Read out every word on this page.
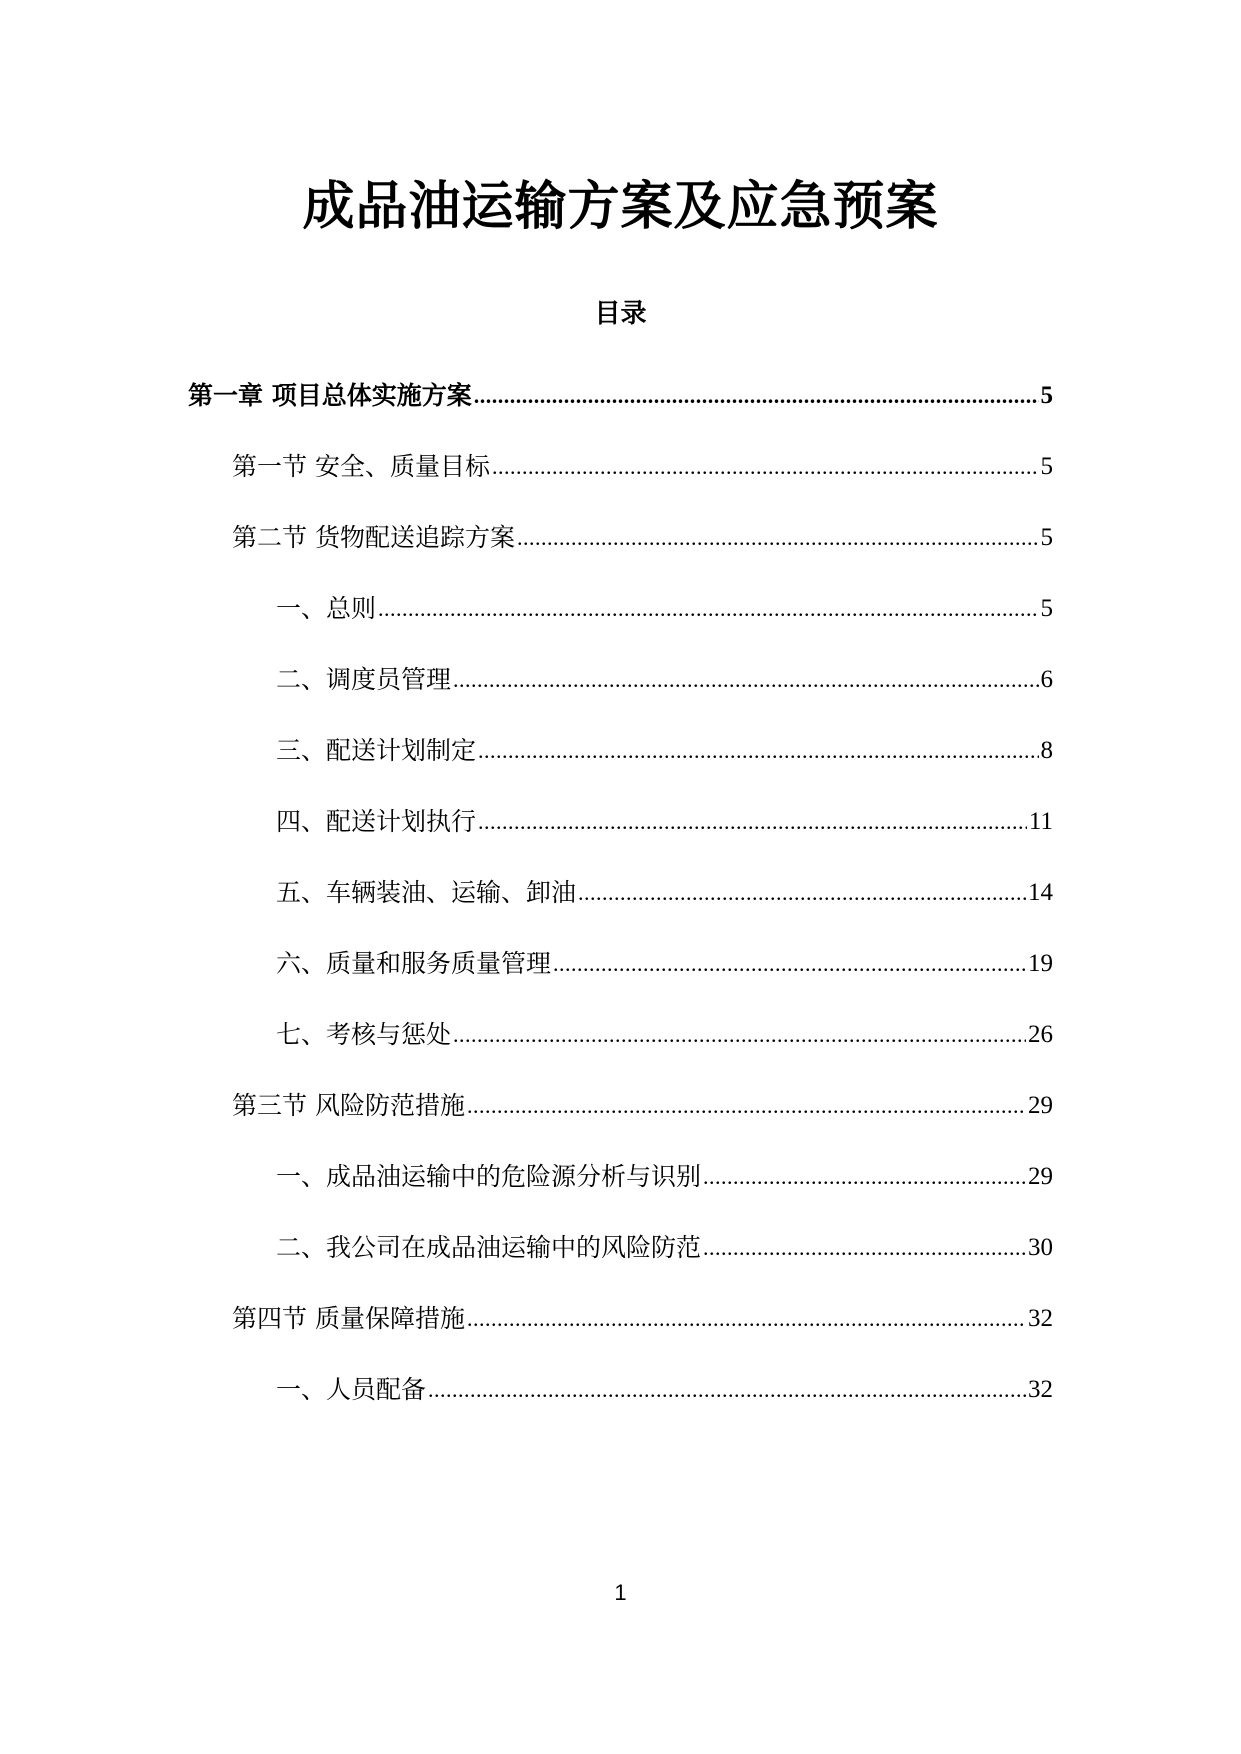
成品油运输方案及应急预案
目录
第一章 项目总体实施方案 .....	5
第一节 安全、质量目标 .....	5
第二节 货物配送追踪方案 .....	5
一、总则 .....	5
二、调度员管理 .....	6
三、配送计划制定 .....	8
四、配送计划执行 .....	11
五、车辆装油、运输、卸油 .....	14
六、质量和服务质量管理 .....	19
七、考核与惩处 .....	26
第三节 风险防范措施 .....	29
一、成品油运输中的危险源分析与识别 .....	29
二、我公司在成品油运输中的风险防范 .....	30
第四节 质量保障措施 .....	32
一、人员配备 .....	32
1
